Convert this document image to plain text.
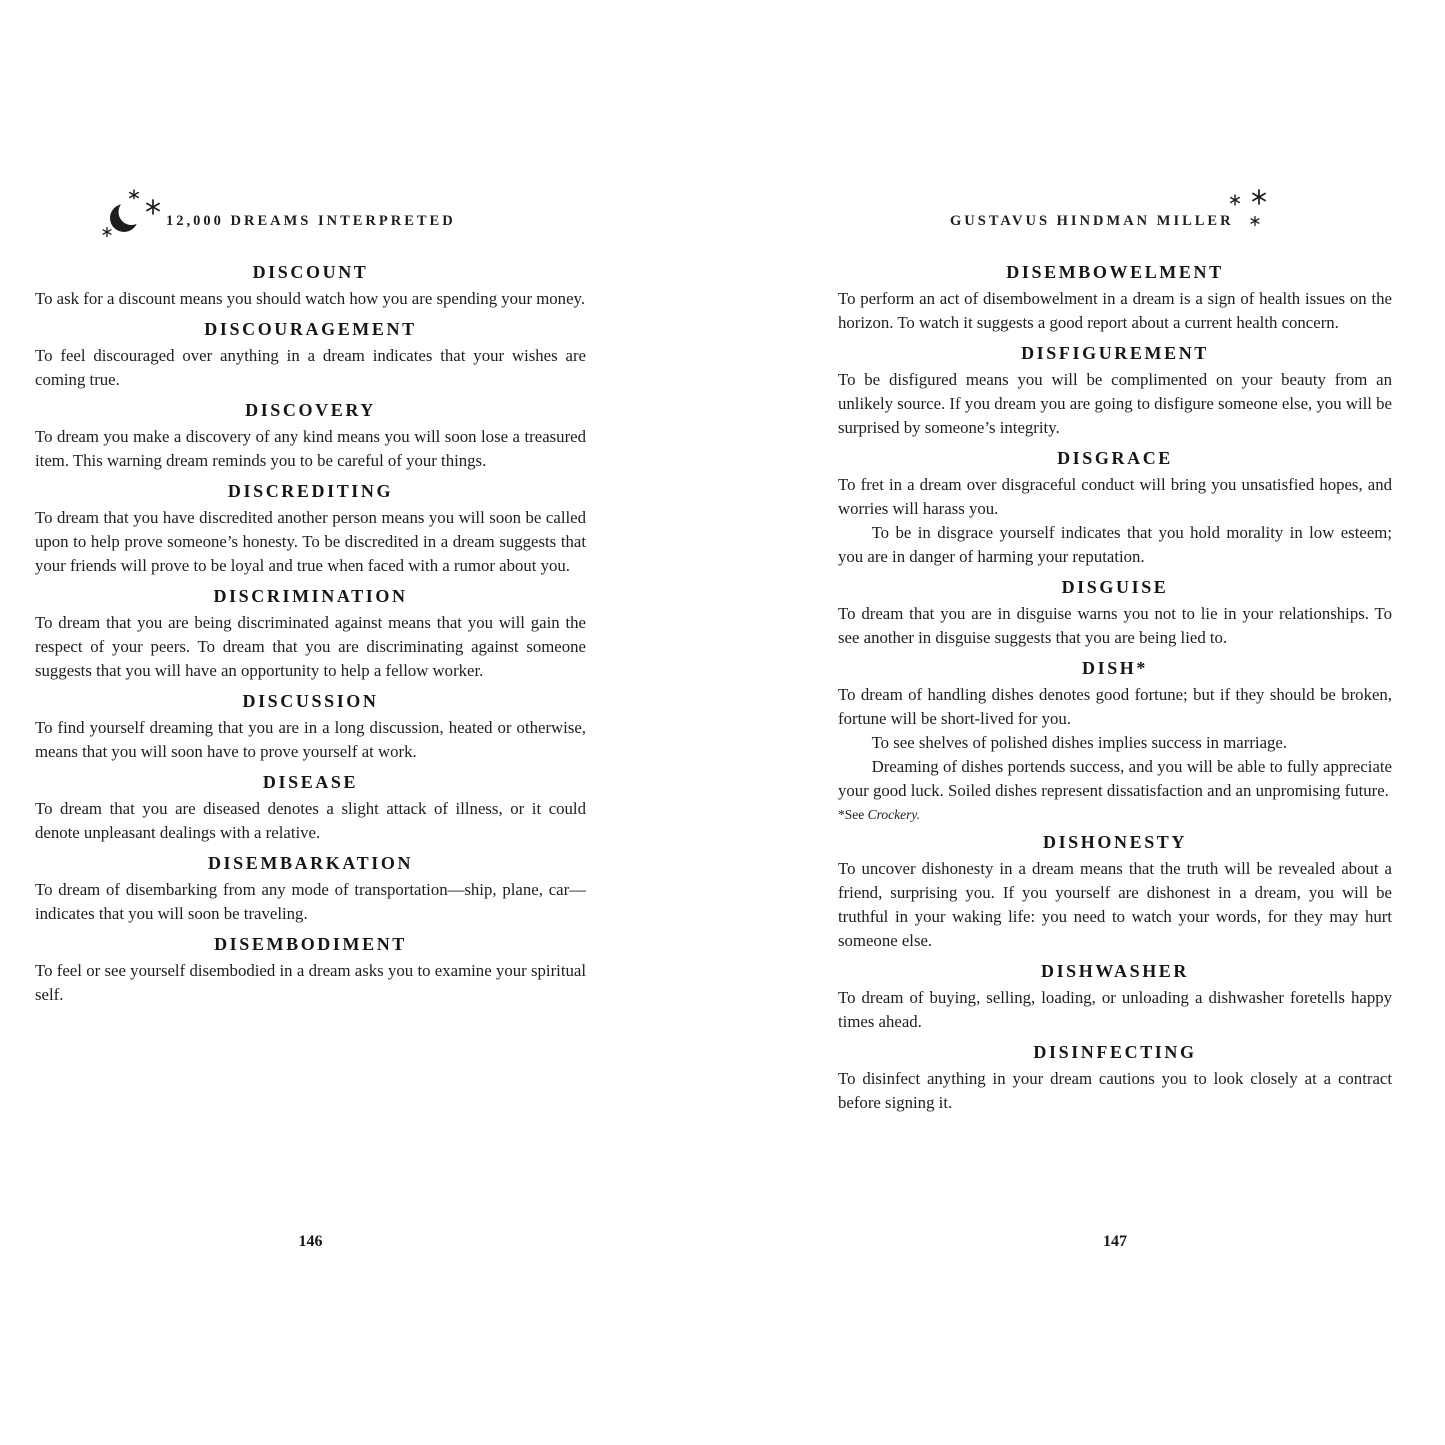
12,000 DREAMS INTERPRETED
DISCOUNT

To ask for a discount means you should watch how you are spending your money.

DISCOURAGEMENT

To feel discouraged over anything in a dream indicates that your wishes are coming true.

DISCOVERY

To dream you make a discovery of any kind means you will soon lose a treasured item. This warning dream reminds you to be careful of your things.

DISCREDITING

To dream that you have discredited another person means you will soon be called upon to help prove someone’s honesty. To be discredited in a dream suggests that your friends will prove to be loyal and true when faced with a rumor about you.

DISCRIMINATION

To dream that you are being discriminated against means that you will gain the respect of your peers. To dream that you are discriminating against someone suggests that you will have an opportunity to help a fellow worker.

DISCUSSION

To find yourself dreaming that you are in a long discussion, heated or otherwise, means that you will soon have to prove yourself at work.

DISEASE

To dream that you are diseased denotes a slight attack of illness, or it could denote unpleasant dealings with a relative.

DISEMBARKATION

To dream of disembarking from any mode of transportation—ship, plane, car—indicates that you will soon be traveling.

DISEMBODIMENT

To feel or see yourself disembodied in a dream asks you to examine your spiritual self.

146
GUSTAVUS HINDMAN MILLER
DISEMBOWELMENT

To perform an act of disembowelment in a dream is a sign of health issues on the horizon. To watch it suggests a good report about a current health concern.

DISFIGUREMENT

To be disfigured means you will be complimented on your beauty from an unlikely source. If you dream you are going to disfigure someone else, you will be surprised by someone’s integrity.

DISGRACE

To fret in a dream over disgraceful conduct will bring you unsatisfied hopes, and worries will harass you.

To be in disgrace yourself indicates that you hold morality in low esteem; you are in danger of harming your reputation.

DISGUISE

To dream that you are in disguise warns you not to lie in your relationships. To see another in disguise suggests that you are being lied to.

DISH*

To dream of handling dishes denotes good fortune; but if they should be broken, fortune will be short-lived for you.

To see shelves of polished dishes implies success in marriage.

Dreaming of dishes portends success, and you will be able to fully appreciate your good luck. Soiled dishes represent dissatisfaction and an unpromising future.

*See Crockery.

DISHONESTY

To uncover dishonesty in a dream means that the truth will be revealed about a friend, surprising you. If you yourself are dishonest in a dream, you will be truthful in your waking life: you need to watch your words, for they may hurt someone else.

DISHWASHER

To dream of buying, selling, loading, or unloading a dishwasher foretells happy times ahead.

DISINFECTING

To disinfect anything in your dream cautions you to look closely at a contract before signing it.

147
